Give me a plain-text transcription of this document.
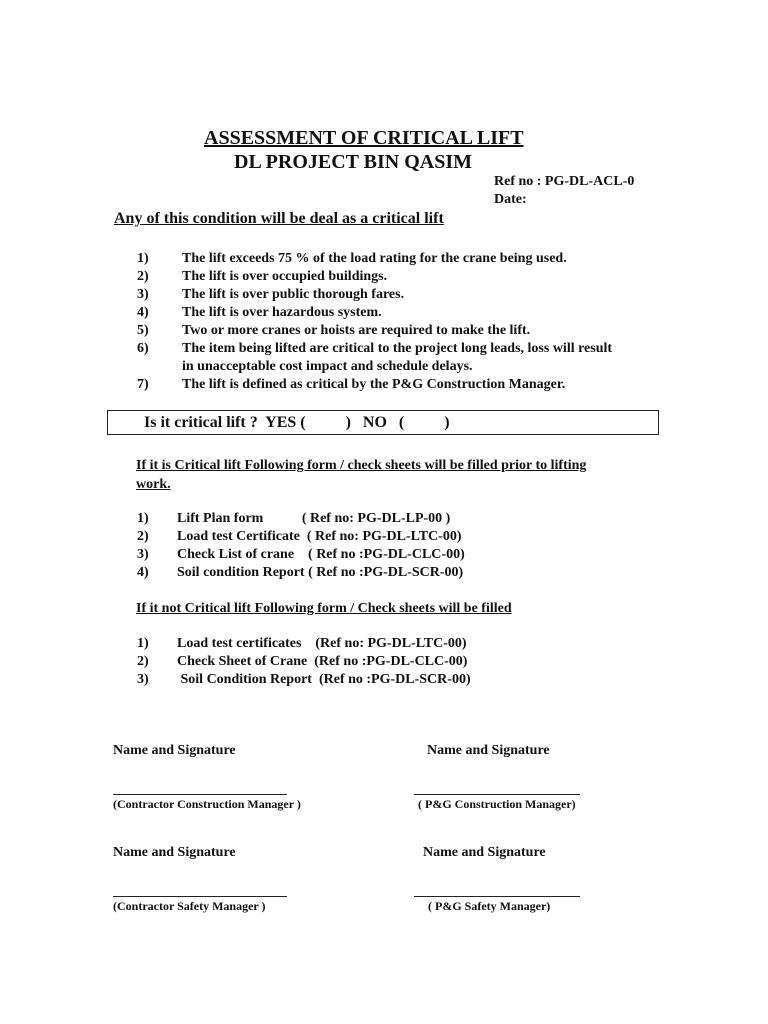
ASSESSMENT OF CRITICAL LIFT
DL PROJECT BIN QASIM
Ref no : PG-DL-ACL-0
Date:
Any of this condition will be deal as a critical lift
1) The lift exceeds 75 % of the load rating for the crane being used.
2) The lift is over occupied buildings.
3) The lift is over public thorough fares.
4) The lift is over hazardous system.
5) Two or more cranes or hoists are required to make the lift.
6) The item being lifted are critical to the project long leads, loss will result
in unacceptable cost impact and schedule delays.
7) The lift is defined as critical by the P&G Construction Manager.
Is it critical lift ?  YES (          )   NO   (          )
If it is Critical lift Following form / check sheets will be filled prior to lifting
work.
1) Lift Plan form           ( Ref no: PG-DL-LP-00 )
2) Load test Certificate  ( Ref no: PG-DL-LTC-00)
3) Check List of crane    ( Ref no :PG-DL-CLC-00)
4) Soil condition Report ( Ref no :PG-DL-SCR-00)
If it not Critical lift Following form / Check sheets will be filled
1) Load test certificates    (Ref no: PG-DL-LTC-00)
2) Check Sheet of Crane  (Ref no :PG-DL-CLC-00)
3) Soil Condition Report  (Ref no :PG-DL-SCR-00)
Name and Signature	Name and Signature
(Contractor Construction Manager )	( P&G Construction Manager)
Name and Signature	Name and Signature
(Contractor Safety Manager )	( P&G Safety Manager)
